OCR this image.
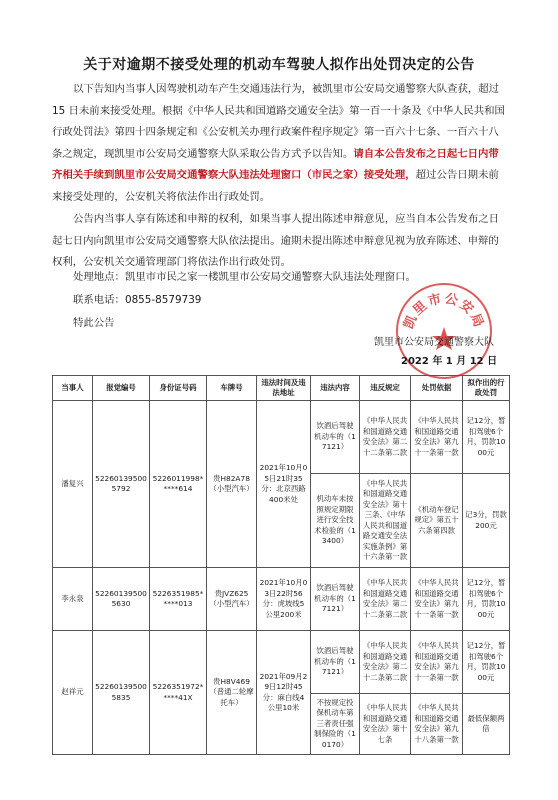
关于对逾期不接受处理的机动车驾驶人拟作出处罚决定的公告
以下告知内当事人因驾驶机动车产生交通违法行为，被凯里市公安局交通警察大队查获，超过 15 日未前来接受处理。根据《中华人民共和国道路交通安全法》第一百一十条及《中华人民共和国行政处罚法》第四十四条规定和《公安机关办理行政案件程序规定》第一百六十七条、一百六十八条之规定，现凯里市公安局交通警察大队采取公告方式予以告知。请自本公告发布之日起七日内带齐相关手续到凯里市公安局交通警察大队违法处理窗口（市民之家）接受处理，超过公告日期未前来接受处理的，公安机关将依法作出行政处罚。
公告内当事人享有陈述和申辩的权利，如果当事人提出陈述申辩意见，应当自本公告发布之日起七日内向凯里市公安局交通警察大队依法提出。逾期未提出陈述申辩意见视为放弃陈述、申辩的权利，公安机关交通管理部门将依法作出行政处罚。
处理地点：凯里市市民之家一楼凯里市公安局交通警察大队违法处理窗口。
联系电话：0855-8579739
特此公告	凯里市公安局
凯里市公安局交通警察大队
2022 年 1 月 12 日
当事人	报觉编号	身份证号码	车牌号	违法时间及违法地址	违法内容	违反规定	处罚依据	拟作出的行政处罚
潘复兴	522601395005792	5226011998*****614	贵H82A78（小型汽车）	2021年10月05日21时35分：北京西路400米处	饮酒后驾驶机动车的（17121）	《中华人民共和国道路交通安全法》第二十二条第二款	《中华人民共和国道路交通安全法》第九十一条第一款	记12分，暂扣驾驶6个月，罚款1000元
					机动车未按照规定期限进行安全技术检验的（13400）	《中华人民共和国道路交通安全法》第十三条、《中华人民共和国道路交通安全法实施条例》第十六条第一款	《机动车登记规定》第五十六条第四款	记3分，罚款200元
李永泉	522601395005630	5226351985*****013	贵JVZ625（小型汽车）	2021年10月03日22时56分：虎坡线5公里200米	饮酒后驾驶机动车的（17121）	《中华人民共和国道路交通安全法》第二十二条第二款	《中华人民共和国道路交通安全法》第九十一条第一款	记12分，暂扣驾驶6个月，罚款1000元
赵祥元	522601395005835	5226351972*****41X	贵H8V469（普通二轮摩托车）	2021年09月29日12时45分：麻白线4公里10米	饮酒后驾驶机动车的（17121）	《中华人民共和国道路交通安全法》第二十二条第二款	《中华人民共和国道路交通安全法》第九十一条第一款	记12分，暂扣驾驶6个月，罚款1000元
					不按规定投保机动车第三者责任强制保险的（10170）	《中华人民共和国道路交通安全法》第十七条	《中华人民共和国道路交通安全法》第九十八条第一款	最低保额两倍
